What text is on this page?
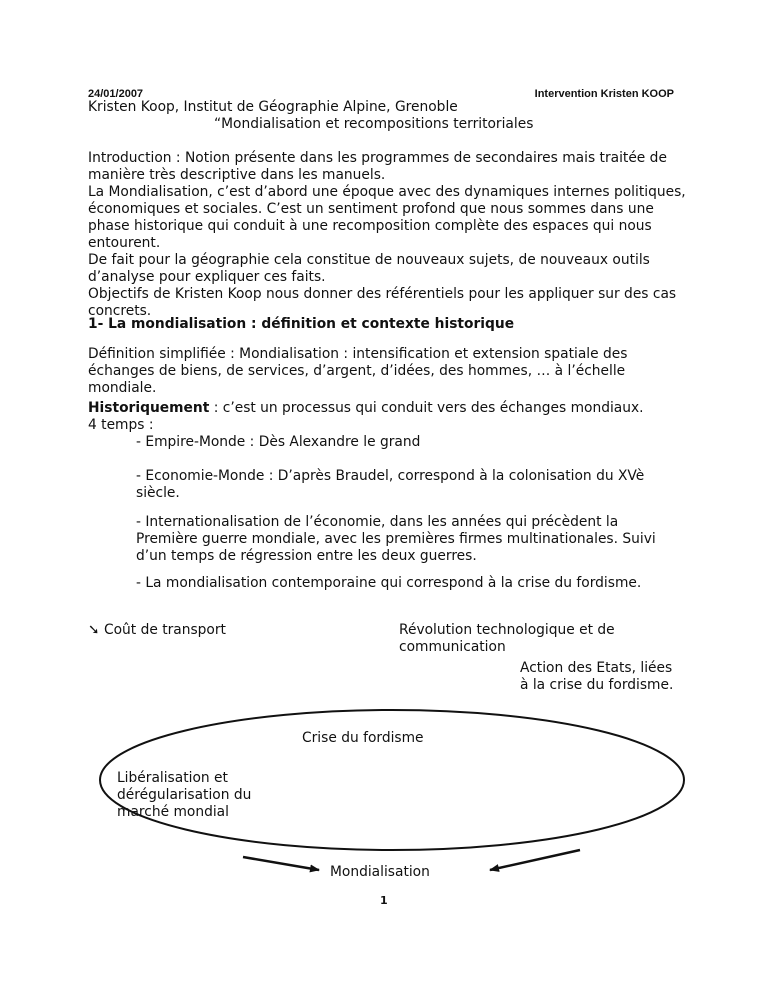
24/01/2007	Intervention Kristen KOOP
Kristen Koop, Institut de Géographie Alpine, Grenoble
“Mondialisation et recompositions territoriales

Introduction : Notion présente dans les programmes de secondaires mais traitée de manière très descriptive dans les manuels.

La Mondialisation, c’est d’abord une époque avec des dynamiques internes politiques, économiques et sociales. C’est un sentiment profond que nous sommes dans une phase historique qui conduit à une recomposition complète des espaces qui nous entourent.

De fait pour la géographie cela constitue de nouveaux sujets, de nouveaux outils d’analyse pour expliquer ces faits.

Objectifs de Kristen Koop nous donner des référentiels pour les appliquer sur des cas concrets.

1- La mondialisation : définition et contexte historique
Définition simplifiée : Mondialisation : intensification et extension spatiale des échanges de biens, de services, d’argent, d’idées, des hommes, … à l’échelle mondiale.

Historiquement : c’est un processus qui conduit vers des échanges mondiaux.

4 temps :

- Empire-Monde : Dès Alexandre le grand
- Economie-Monde : D’après Braudel, correspond à la colonisation du XVè siècle.
- Internationalisation de l’économie, dans les années qui précèdent la Première guerre mondiale, avec les premières firmes multinationales. Suivi d’un temps de régression entre les deux guerres.
- La mondialisation contemporaine qui correspond à la crise du fordisme.
➘ Coût de transport	Révolution technologique et de communication
Action des Etats, liées à la crise du fordisme.
Crise du fordisme
Libéralisation et dérégularisation du marché mondial
Mondialisation
1
